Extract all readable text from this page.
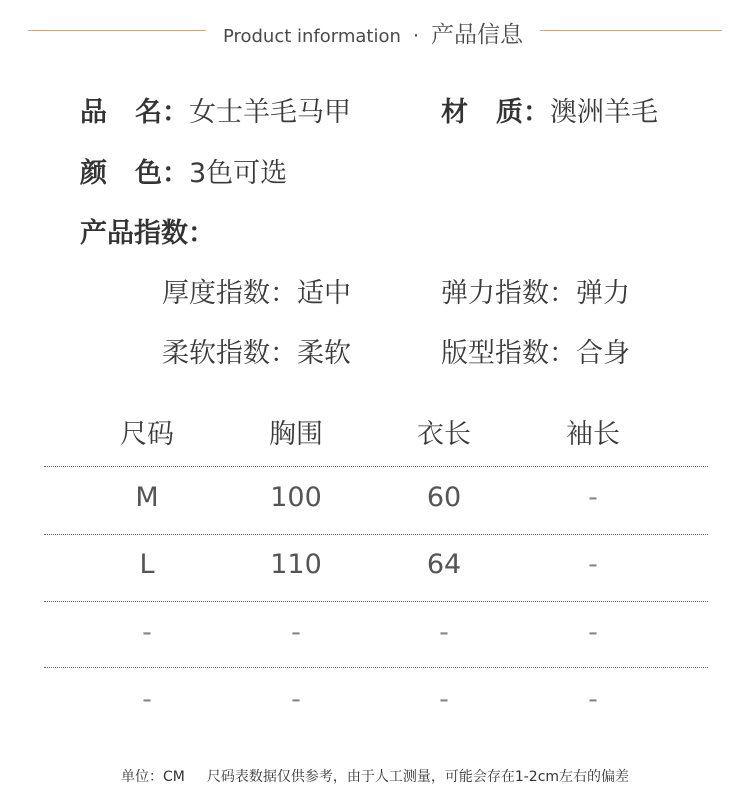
Product information · 产品信息
品 名：女士羊毛马甲	材 质：澳洲羊毛
颜 色：3色可选
产品指数：
厚度指数：适中	弹力指数：弹力
柔软指数：柔软	版型指数：合身
尺码	胸围	衣长	袖长
M	100	60	-
L	110	64	-
-	-	-	-
-	-	-	-
单位：CM 尺码表数据仅供参考，由于人工测量，可能会存在1-2cm左右的偏差
